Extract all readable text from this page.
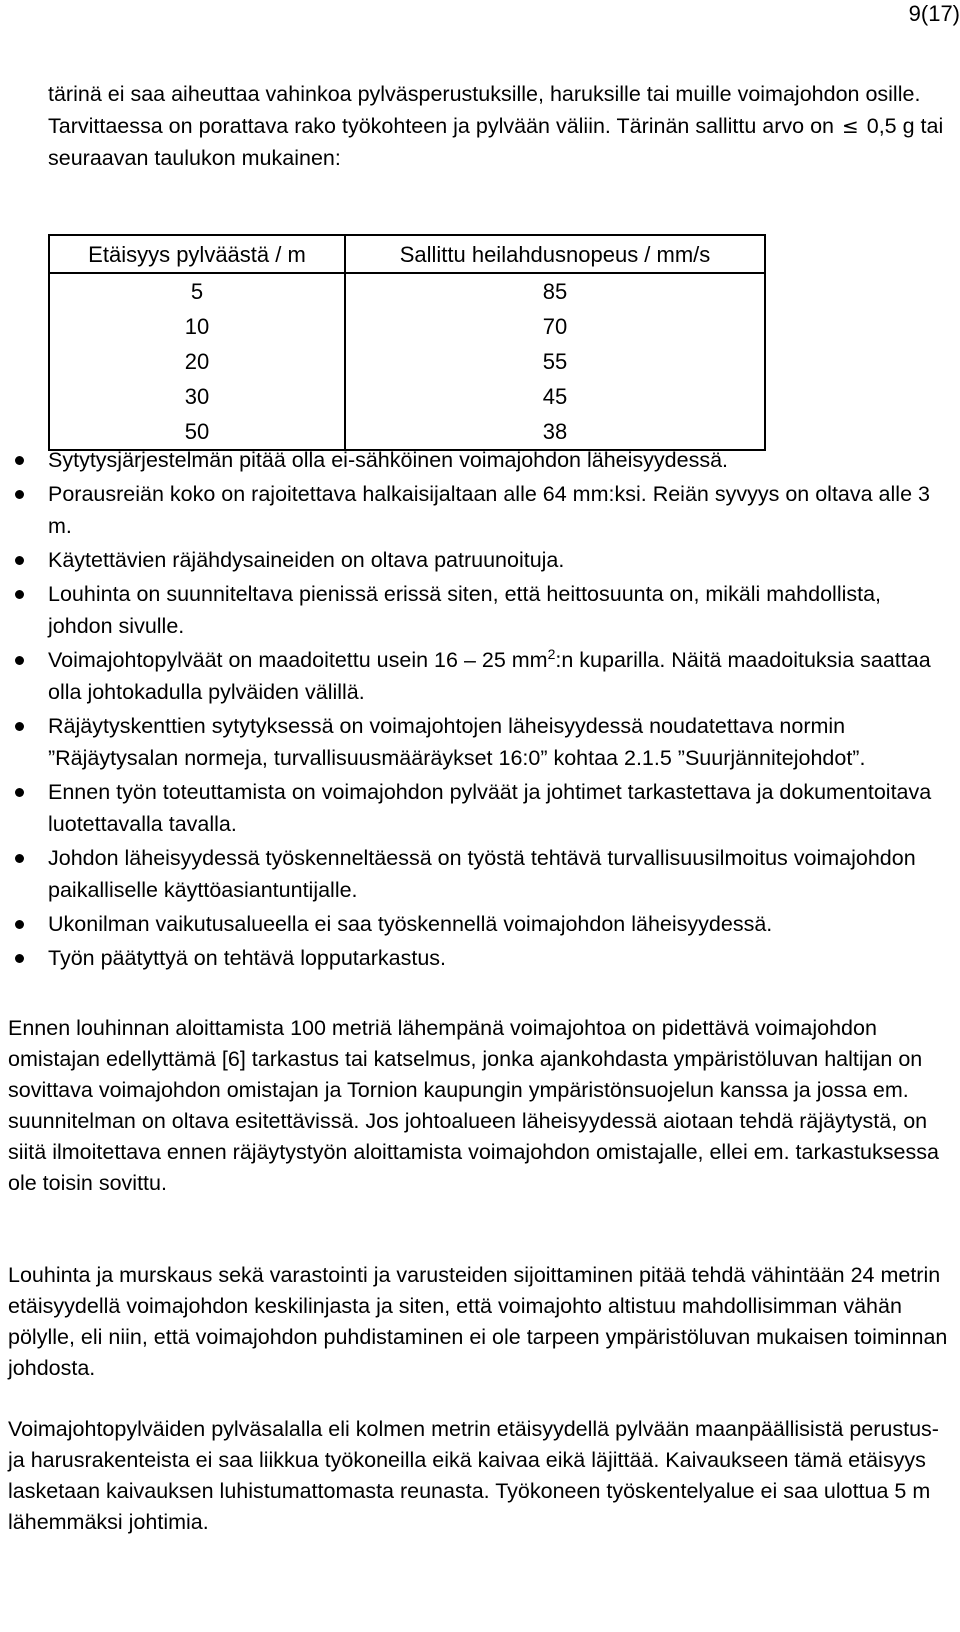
9(17)

tärinä ei saa aiheuttaa vahinkoa pylväsperustuksille, haruksille tai muille voimajohdon osille. Tarvittaessa on porattava rako työkohteen ja pylvään väliin. Tärinän sallittu arvo on ≤ 0,5 g tai seuraavan taulukon mukainen:

Etäisyys pylväästä / m	Sallittu heilahdusnopeus / mm/s
5	85
10	70
20	55
30	45
50	38
Sytytysjärjestelmän pitää olla ei-sähköinen voimajohdon läheisyydessä.
Porausreiän koko on rajoitettava halkaisijaltaan alle 64 mm:ksi. Reiän syvyys on oltava alle 3 m.
Käytettävien räjähdysaineiden on oltava patruunoituja.
Louhinta on suunniteltava pienissä erissä siten, että heittosuunta on, mikäli mahdollista, johdon sivulle.
Voimajohtopylväät on maadoitettu usein 16 – 25 $mm^2:n$ kuparilla. Näitä maadoituksia saattaa olla johtokadulla pylväiden välillä.
Räjäytyskenttien sytytyksessä on voimajohtojen läheisyydessä noudatettava normin ”Räjäytysalan normeja, turvallisuusmääräykset 16:0” kohtaa 2.1.5 ”Suurjännitejohdot”.
Ennen työn toteuttamista on voimajohdon pylväät ja johtimet tarkastettava ja dokumentoitava luotettavalla tavalla.
Johdon läheisyydessä työskenneltäessä on työstä tehtävä turvallisuusilmoitus voimajohdon paikalliselle käyttöasiantuntijalle.
Ukonilman vaikutusalueella ei saa työskennellä voimajohdon läheisyydessä.
Työn päätyttyä on tehtävä lopputarkastus.

Ennen louhinnan aloittamista 100 metriä lähempänä voimajohtoa on pidettävä voimajohdon omistajan edellyttämä [6] tarkastus tai katselmus, jonka ajankohdasta ympäristöluvan haltijan on sovittava voimajohdon omistajan ja Tornion kaupungin ympäristönsuojelun kanssa ja jossa em. suunnitelman on oltava esitettävissä. Jos johtoalueen läheisyydessä aiotaan tehdä räjäytystä, on siitä ilmoitettava ennen räjäytystyön aloittamista voimajohdon omistajalle, ellei em. tarkastuksessa ole toisin sovittu.

Louhinta ja murskaus sekä varastointi ja varusteiden sijoittaminen pitää tehdä vähintään 24 metrin etäisyydellä voimajohdon keskilinjasta ja siten, että voimajohto altistuu mahdollisimman vähän pölylle, eli niin, että voimajohdon puhdistaminen ei ole tarpeen ympäristöluvan mukaisen toiminnan johdosta.

Voimajohtopylväiden pylväsalalla eli kolmen metrin etäisyydellä pylvään maanpäällisistä perustus- ja harusrakenteista ei saa liikkua työkoneilla eikä kaivaa eikä läjittää. Kaivaukseen tämä etäisyys lasketaan kaivauksen luhistumattomasta reunasta. Työkoneen työskentelyalue ei saa ulottua 5 m lähemmäksi johtimia.
